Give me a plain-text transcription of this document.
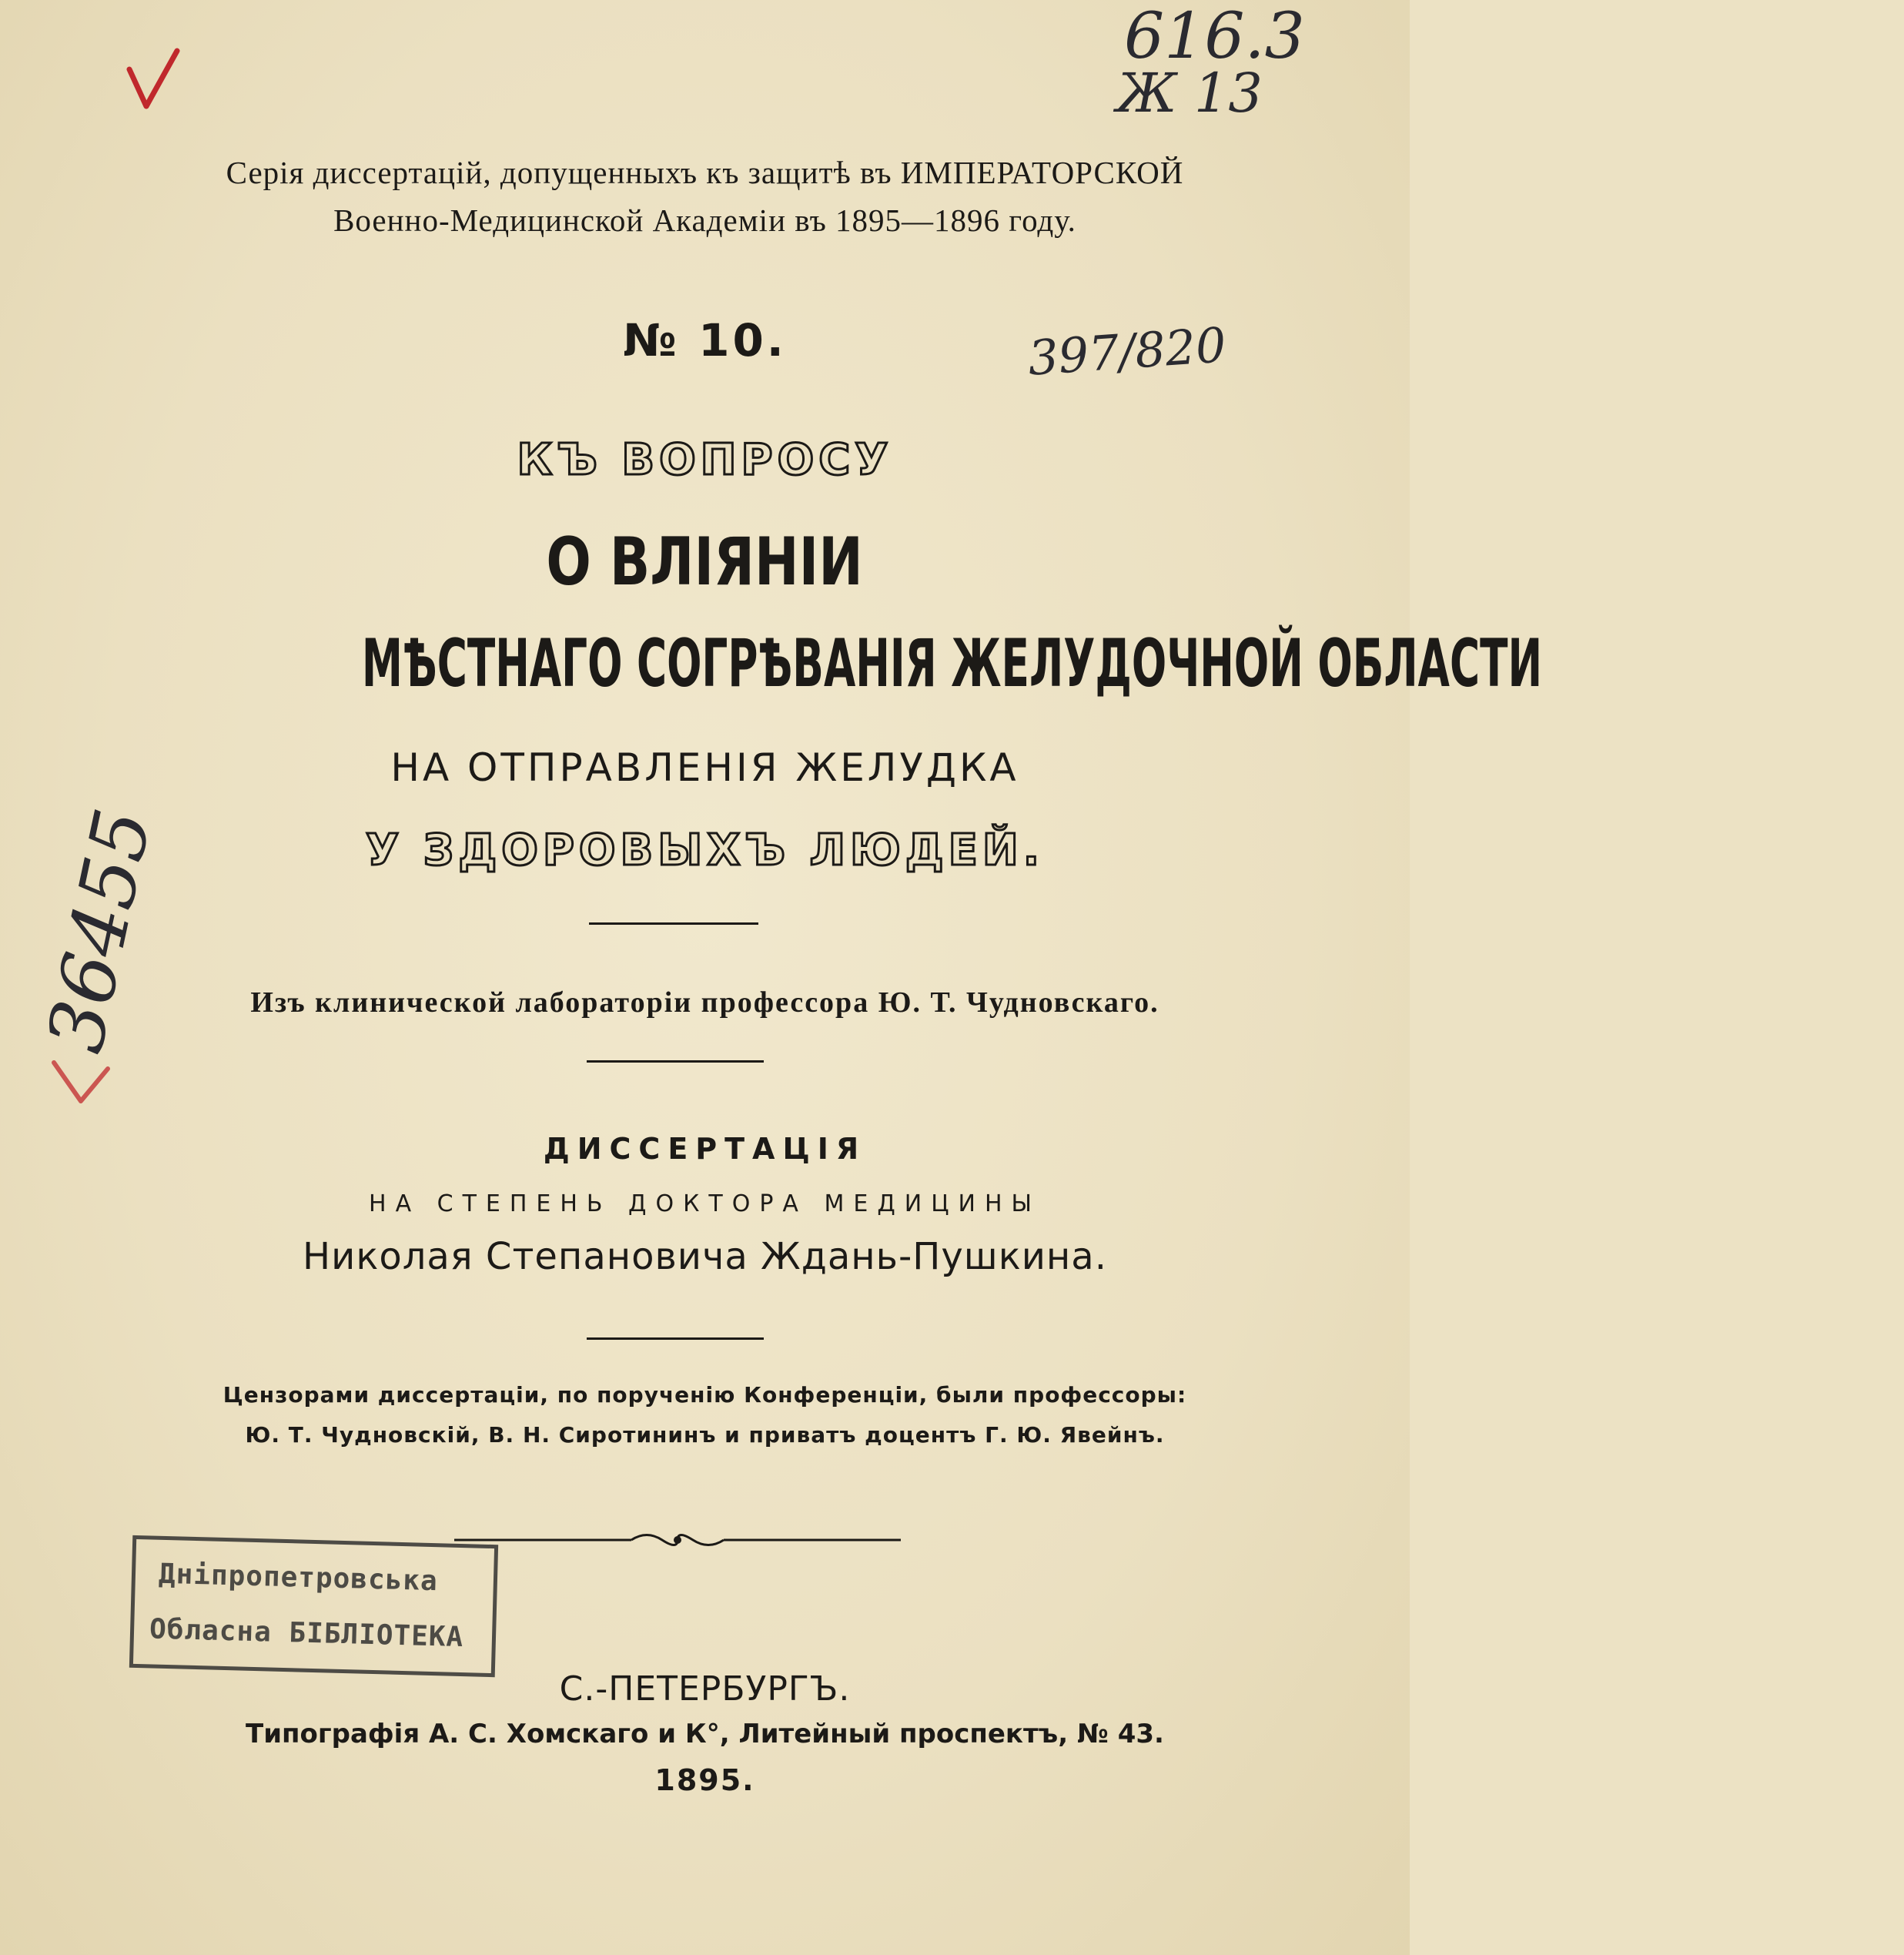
616.3
Ж 13
Серія диссертацій, допущенныхъ къ защитѣ въ ИМПЕРАТОРСКОЙ
Военно-Медицинской Академіи въ 1895—1896 году.
№ 10.	397/820
КЪ ВОПРОСУ
О ВЛІЯНІИ
МѢСТНАГО СОГРѢВАНІЯ ЖЕЛУДОЧНОЙ ОБЛАСТИ
НА ОТПРАВЛЕНІЯ ЖЕЛУДКА
У ЗДОРОВЫХЪ ЛЮДЕЙ.
Изъ клинической лабораторіи профессора Ю. Т. Чудновскаго.
ДИССЕРТАЦІЯ
НА СТЕПЕНЬ ДОКТОРА МЕДИЦИНЫ
Николая Степановича Ждань-Пушкина.
Цензорами диссертаціи, по порученію Конференціи, были профессоры:
Ю. Т. Чудновскій, В. Н. Сиротининъ и приватъ доцентъ Г. Ю. Явейнъ.
Дніпропетровська
Обласна БІБЛІОТЕКА
С.-ПЕТЕРБУРГЪ.
Типографія А. С. Хомскаго и К°, Литейный проспектъ, № 43.
1895.
36455
